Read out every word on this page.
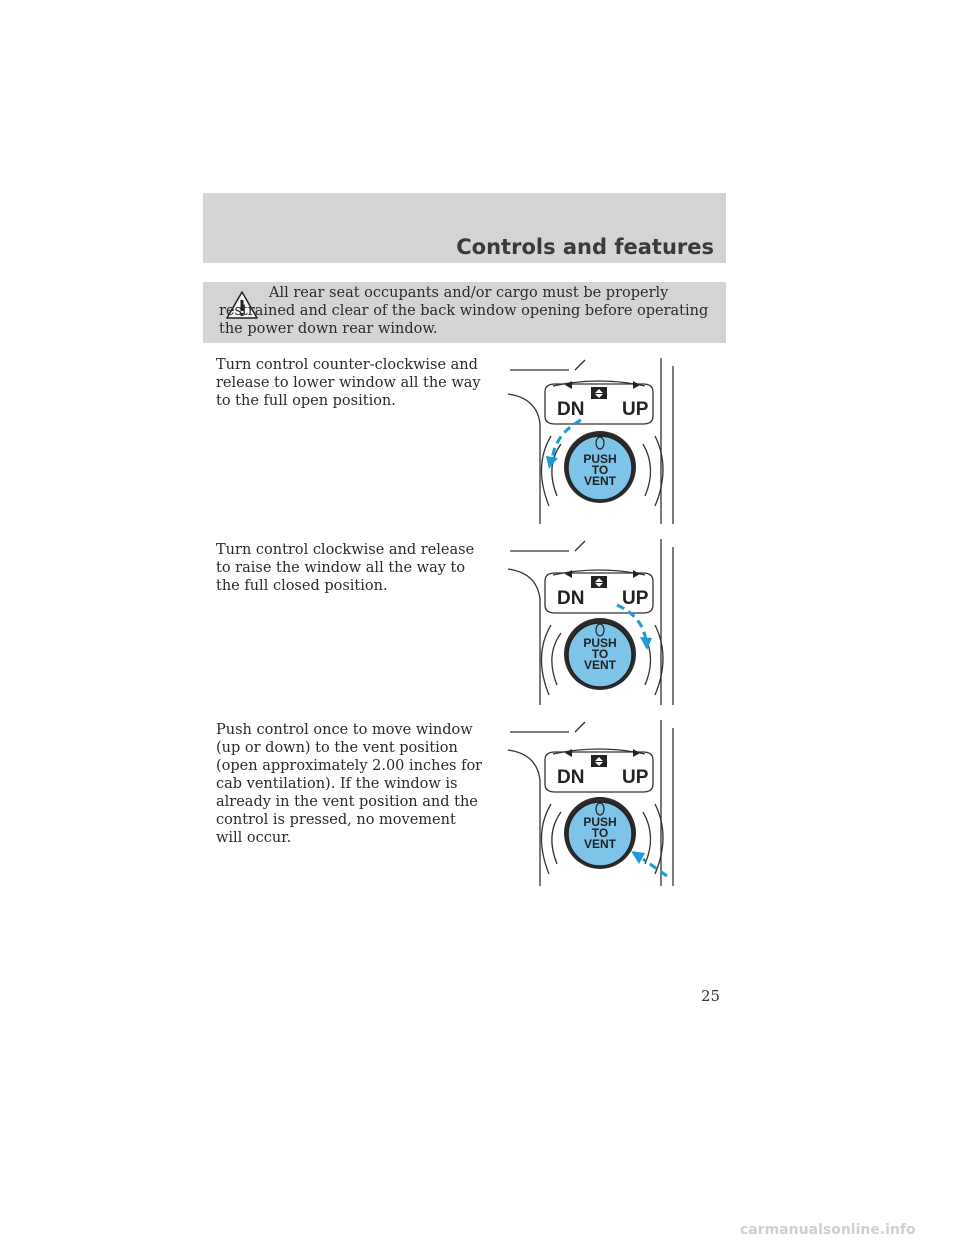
Controls and features
All rear seat occupants and/or cargo must be properly restrained and clear of the back window opening before operating the power down rear window.
Turn control counter-clockwise and release to lower window all the way to the full open position.
Turn control clockwise and release to raise the window all the way to the full closed position.
Push control once to move window (up or down) to the vent position (open approximately 2.00 inches for cab ventilation). If the window is already in the vent position and the control is pressed, no movement will occur.
DN UP
PUSH
TO
VENT
DN UP
PUSH
TO
VENT
DN UP
PUSH
TO
VENT
25
carmanualsonline.info
